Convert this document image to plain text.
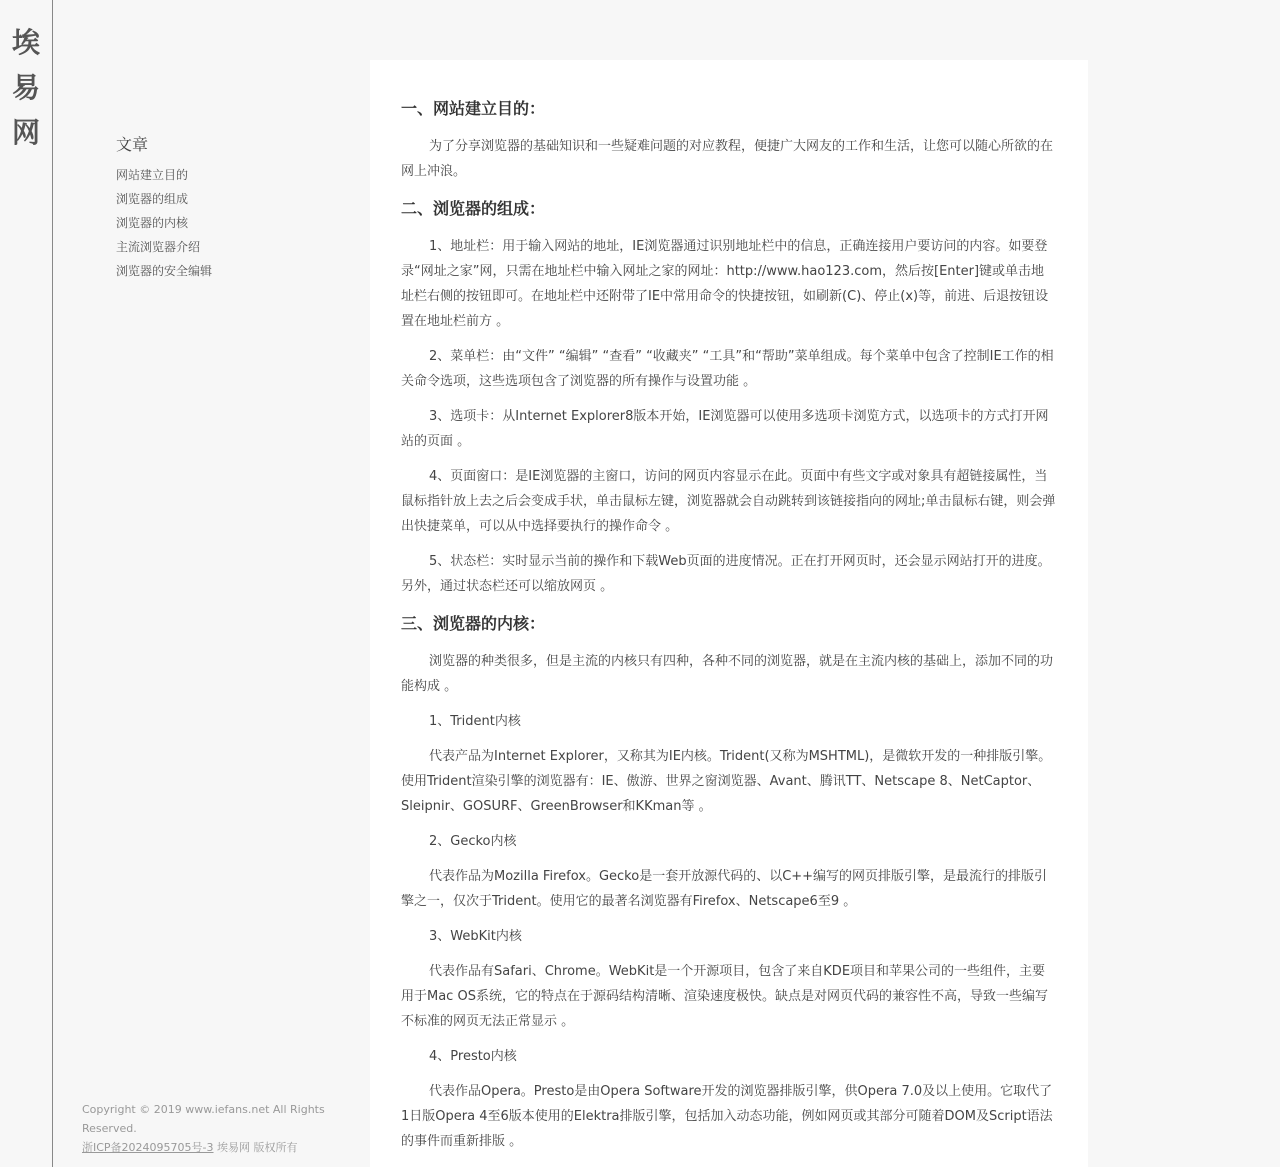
埃
易
网	文章
网站建立目的
浏览器的组成
浏览器的内核
主流浏览器介绍
浏览器的安全编辑
Copyright © 2019 www.iefans.net All Rights Reserved.
浙ICP备2024095705号-3 埃易网 版权所有
一、网站建立目的：

为了分享浏览器的基础知识和一些疑难问题的对应教程，便捷广大网友的工作和生活，让您可以随心所欲的在网上冲浪。

二、浏览器的组成：

1、地址栏：用于输入网站的地址，IE浏览器通过识别地址栏中的信息，正确连接用户要访问的内容。如要登录“网址之家”网，只需在地址栏中输入网址之家的网址：http://www.hao123.com，然后按[Enter]键或单击地址栏右侧的按钮即可。在地址栏中还附带了IE中常用命令的快捷按钮，如刷新(C)、停止(x)等，前进、后退按钮设置在地址栏前方 。

2、菜单栏：由“文件” “编辑” “查看” “收藏夹” “工具”和“帮助”菜单组成。每个菜单中包含了控制IE工作的相关命令选项，这些选项包含了浏览器的所有操作与设置功能 。

3、选项卡：从Internet Explorer8版本开始，IE浏览器可以使用多选项卡浏览方式，以选项卡的方式打开网站的页面 。

4、页面窗口：是IE浏览器的主窗口，访问的网页内容显示在此。页面中有些文字或对象具有超链接属性，当鼠标指针放上去之后会变成手状，单击鼠标左键，浏览器就会自动跳转到该链接指向的网址;单击鼠标右键，则会弹出快捷菜单，可以从中选择要执行的操作命令 。

5、状态栏：实时显示当前的操作和下载Web页面的进度情况。正在打开网页时，还会显示网站打开的进度。另外，通过状态栏还可以缩放网页 。

三、浏览器的内核：

浏览器的种类很多，但是主流的内核只有四种，各种不同的浏览器，就是在主流内核的基础上，添加不同的功能构成 。

1、Trident内核

代表产品为Internet Explorer，又称其为IE内核。Trident(又称为MSHTML)，是微软开发的一种排版引擎。使用Trident渲染引擎的浏览器有：IE、傲游、世界之窗浏览器、Avant、腾讯TT、Netscape 8、NetCaptor、Sleipnir、GOSURF、GreenBrowser和KKman等 。

2、Gecko内核

代表作品为Mozilla Firefox。Gecko是一套开放源代码的、以C++编写的网页排版引擎，是最流行的排版引擎之一，仅次于Trident。使用它的最著名浏览器有Firefox、Netscape6至9 。

3、WebKit内核

代表作品有Safari、Chrome。WebKit是一个开源项目，包含了来自KDE项目和苹果公司的一些组件，主要用于Mac OS系统，它的特点在于源码结构清晰、渲染速度极快。缺点是对网页代码的兼容性不高，导致一些编写不标准的网页无法正常显示 。

4、Presto内核

代表作品Opera。Presto是由Opera Software开发的浏览器排版引擎，供Opera 7.0及以上使用。它取代了1日版Opera 4至6版本使用的Elektra排版引擎，包括加入动态功能，例如网页或其部分可随着DOM及Script语法的事件而重新排版 。
